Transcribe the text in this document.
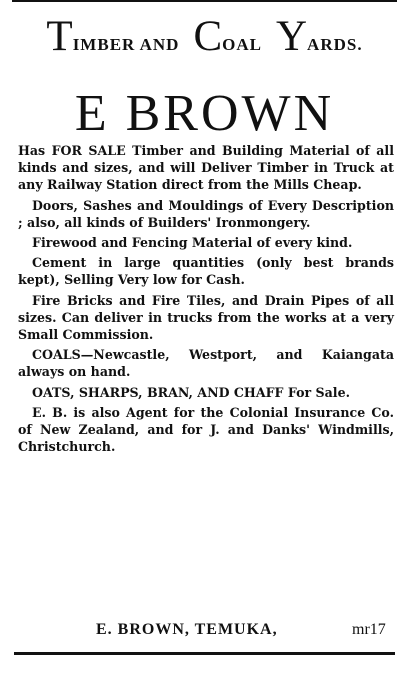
TIMBER AND COAL YARDS.
E BROWN

Has FOR SALE Timber and Building Material of all kinds and sizes, and will Deliver Timber in Truck at any Railway Station direct from the Mills Cheap.

Doors, Sashes and Mouldings of Every Description ; also, all kinds of Builders' Ironmongery.

Firewood and Fencing Material of every kind.

Cement in large quantities (only best brands kept), Selling Very low for Cash.

Fire Bricks and Fire Tiles, and Drain Pipes of all sizes. Can deliver in trucks from the works at a very Small Commission.

COALS—Newcastle, Westport, and Kaiangata always on hand.

OATS, SHARPS, BRAN, AND CHAFF For Sale.

E. B. is also Agent for the Colonial Insurance Co. of New Zealand, and for J. and Danks' Windmills, Christchurch.

E. BROWN, TEMUKA,	mr17
